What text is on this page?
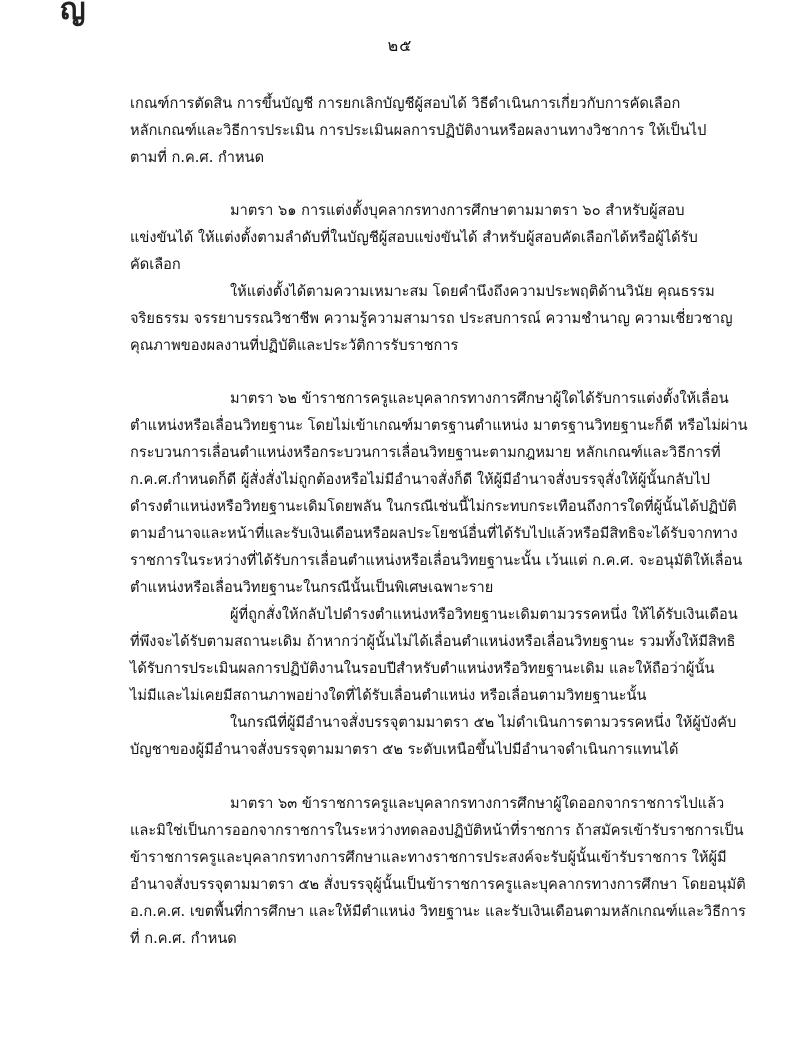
ญ
๒๕
เกณฑ์การตัดสิน การขึ้นบัญชี การยกเลิกบัญชีผู้สอบได้ วิธีดำเนินการเกี่ยวกับการคัดเลือก
หลักเกณฑ์และวิธีการประเมิน การประเมินผลการปฏิบัติงานหรือผลงานทางวิชาการ ให้เป็นไป
ตามที่ ก.ค.ศ. กำหนด
มาตรา ๖๑ การแต่งตั้งบุคลากรทางการศึกษาตามมาตรา ๖๐ สำหรับผู้สอบ
แข่งขันได้ ให้แต่งตั้งตามลำดับที่ในบัญชีผู้สอบแข่งขันได้ สำหรับผู้สอบคัดเลือกได้หรือผู้ได้รับ
คัดเลือก
ให้แต่งตั้งได้ตามความเหมาะสม โดยคำนึงถึงความประพฤติด้านวินัย คุณธรรม
จริยธรรม จรรยาบรรณวิชาชีพ ความรู้ความสามารถ ประสบการณ์ ความชำนาญ ความเชี่ยวชาญ
คุณภาพของผลงานที่ปฏิบัติและประวัติการรับราชการ
มาตรา ๖๒ ข้าราชการครูและบุคลากรทางการศึกษาผู้ใดได้รับการแต่งตั้งให้เลื่อน
ตำแหน่งหรือเลื่อนวิทยฐานะ โดยไม่เข้าเกณฑ์มาตรฐานตำแหน่ง มาตรฐานวิทยฐานะก็ดี หรือไม่ผ่าน
กระบวนการเลื่อนตำแหน่งหรือกระบวนการเลื่อนวิทยฐานะตามกฎหมาย หลักเกณฑ์และวิธีการที่
ก.ค.ศ.กำหนดก็ดี ผู้สั่งสั่งไม่ถูกต้องหรือไม่มีอำนาจสั่งก็ดี ให้ผู้มีอำนาจสั่งบรรจุสั่งให้ผู้นั้นกลับไป
ดำรงตำแหน่งหรือวิทยฐานะเดิมโดยพลัน ในกรณีเช่นนี้ไม่กระทบกระเทือนถึงการใดที่ผู้นั้นได้ปฏิบัติ
ตามอำนาจและหน้าที่และรับเงินเดือนหรือผลประโยชน์อื่นที่ได้รับไปแล้วหรือมีสิทธิจะได้รับจากทาง
ราชการในระหว่างที่ได้รับการเลื่อนตำแหน่งหรือเลื่อนวิทยฐานะนั้น เว้นแต่ ก.ค.ศ. จะอนุมัติให้เลื่อน
ตำแหน่งหรือเลื่อนวิทยฐานะในกรณีนั้นเป็นพิเศษเฉพาะราย
ผู้ที่ถูกสั่งให้กลับไปดำรงตำแหน่งหรือวิทยฐานะเดิมตามวรรคหนึ่ง ให้ได้รับเงินเดือน
ที่พึงจะได้รับตามสถานะเดิม ถ้าหากว่าผู้นั้นไม่ได้เลื่อนตำแหน่งหรือเลื่อนวิทยฐานะ รวมทั้งให้มีสิทธิ
ได้รับการประเมินผลการปฏิบัติงานในรอบปีสำหรับตำแหน่งหรือวิทยฐานะเดิม และให้ถือว่าผู้นั้น
ไม่มีและไม่เคยมีสถานภาพอย่างใดที่ได้รับเลื่อนตำแหน่ง หรือเลื่อนตามวิทยฐานะนั้น
ในกรณีที่ผู้มีอำนาจสั่งบรรจุตามมาตรา ๕๒ ไม่ดำเนินการตามวรรคหนึ่ง ให้ผู้บังคับ
บัญชาของผู้มีอำนาจสั่งบรรจุตามมาตรา ๕๒ ระดับเหนือขึ้นไปมีอำนาจดำเนินการแทนได้
มาตรา ๖๓ ข้าราชการครูและบุคลากรทางการศึกษาผู้ใดออกจากราชการไปแล้ว
และมิใช่เป็นการออกจากราชการในระหว่างทดลองปฏิบัติหน้าที่ราชการ ถ้าสมัครเข้ารับราชการเป็น
ข้าราชการครูและบุคลากรทางการศึกษาและทางราชการประสงค์จะรับผู้นั้นเข้ารับราชการ ให้ผู้มี
อำนาจสั่งบรรจุตามมาตรา ๕๒ สั่งบรรจุผู้นั้นเป็นข้าราชการครูและบุคลากรทางการศึกษา โดยอนุมัติ
อ.ก.ค.ศ. เขตพื้นที่การศึกษา และให้มีตำแหน่ง วิทยฐานะ และรับเงินเดือนตามหลักเกณฑ์และวิธีการ
ที่ ก.ค.ศ. กำหนด
